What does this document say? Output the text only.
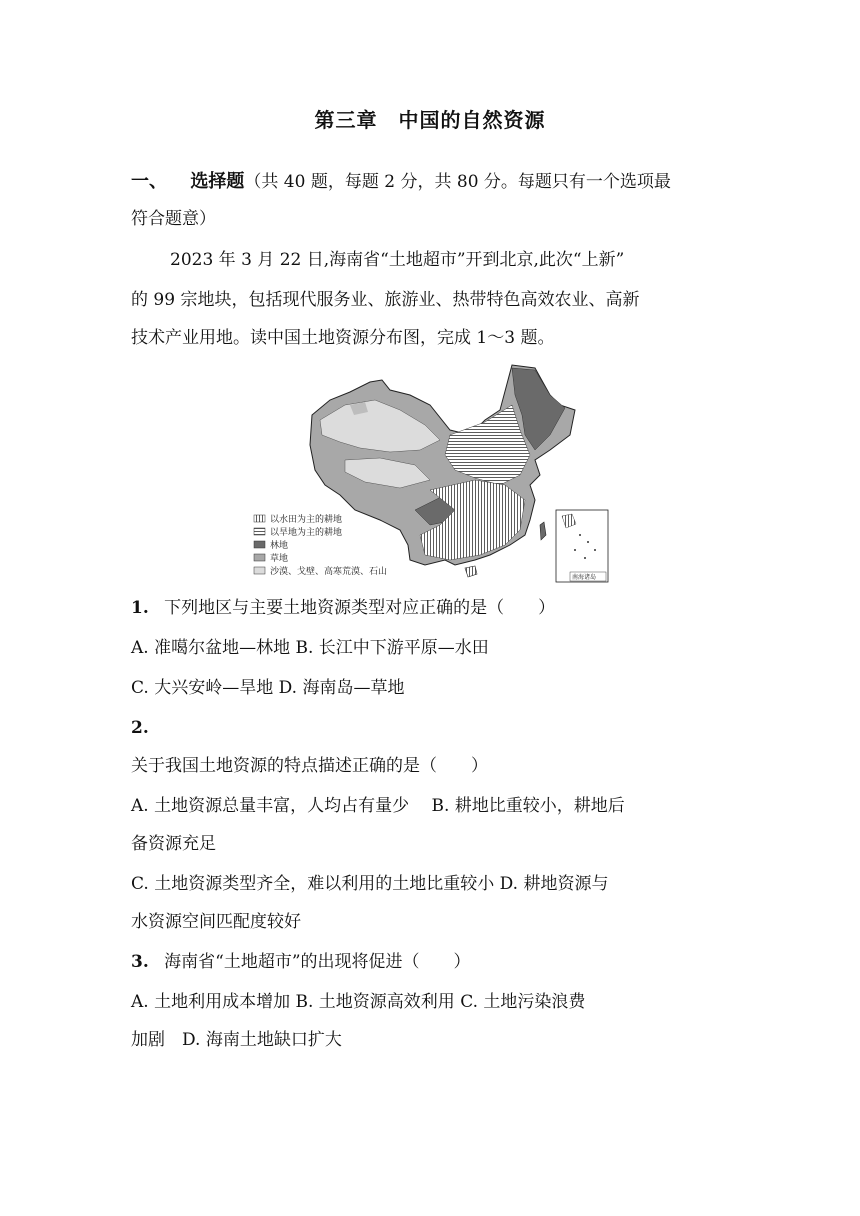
第三章　中国的自然资源
一、 选择题（共 40 题，每题 2 分，共 80 分。每题只有一个选项最
符合题意）
2023 年 3 月 22 日,海南省“土地超市”开到北京,此次“上新”
的 99 宗地块，包括现代服务业、旅游业、热带特色高效农业、高新
技术产业用地。读中国土地资源分布图，完成 1～3 题。
南海诸岛
以水田为主的耕地
以旱地为主的耕地
林地
草地
沙漠、戈壁、高寒荒漠、石山
1. 下列地区与主要土地资源类型对应正确的是（　　）
A. 准噶尔盆地—林地 B. 长江中下游平原—水田
C. 大兴安岭—旱地 D. 海南岛—草地
2.
关于我国土地资源的特点描述正确的是（　　）
A. 土地资源总量丰富，人均占有量少　 B. 耕地比重较小，耕地后
备资源充足
C. 土地资源类型齐全，难以利用的土地比重较小 D. 耕地资源与
水资源空间匹配度较好
3. 海南省“土地超市”的出现将促进（　　）
A. 土地利用成本增加 B. 土地资源高效利用 C. 土地污染浪费
加剧　D. 海南土地缺口扩大
